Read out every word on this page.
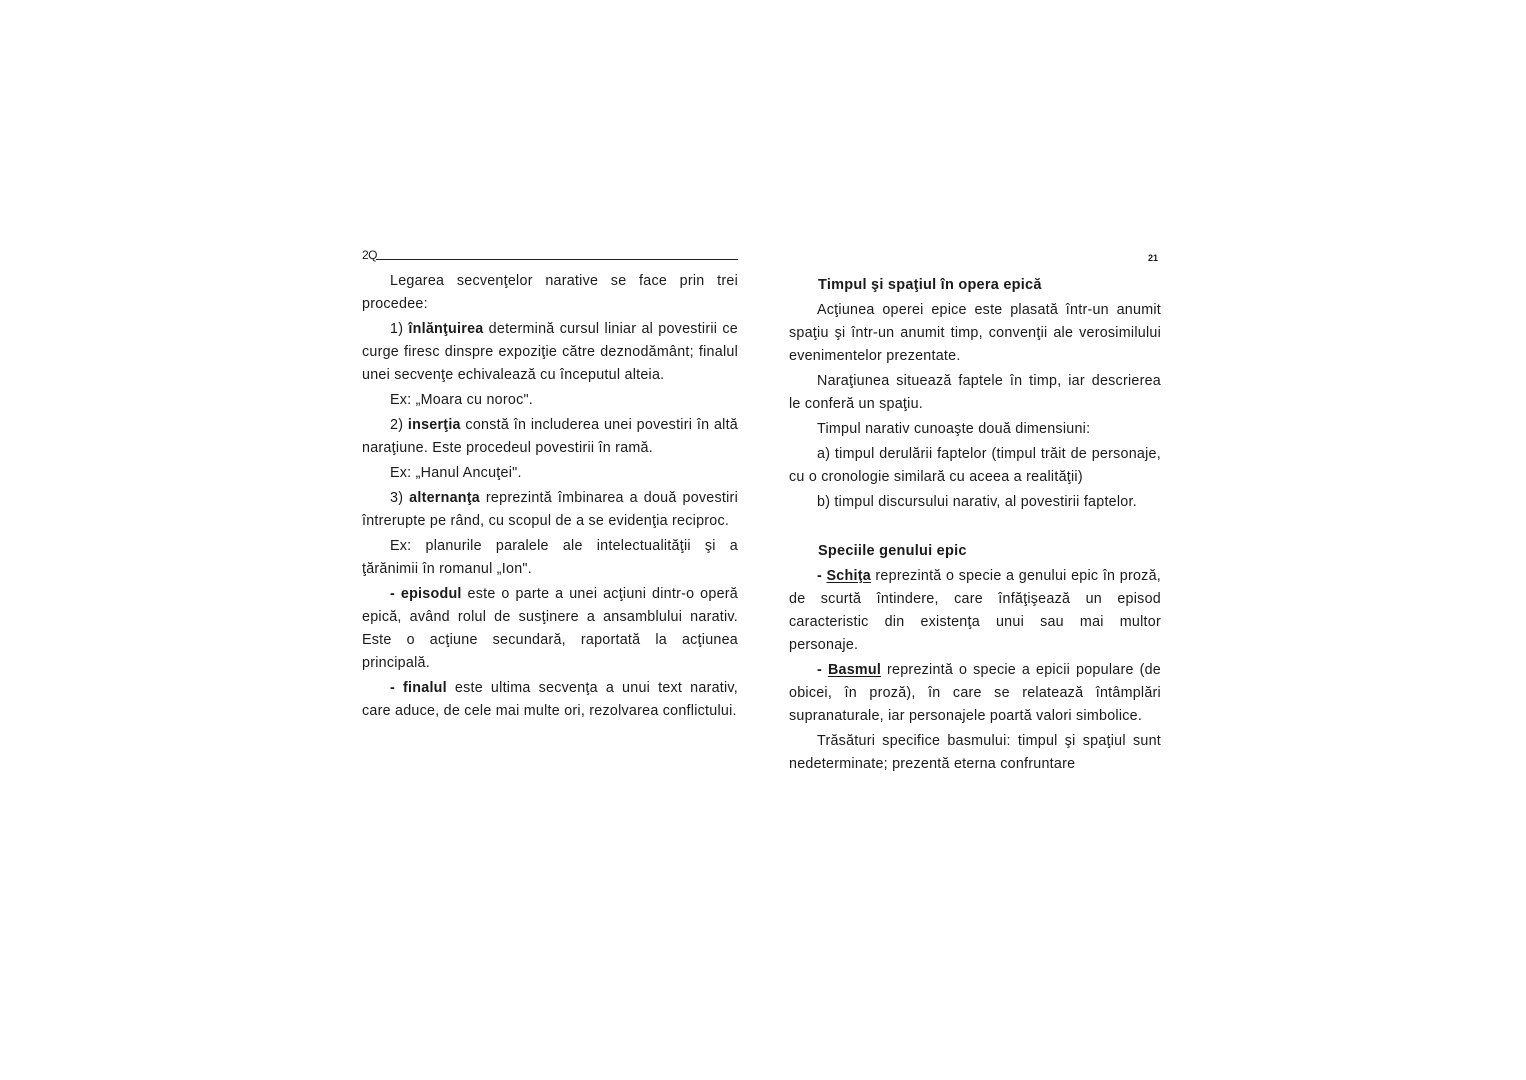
2Q

Legarea secvenţelor narative se face prin trei procedee:

1) înlănţuirea determină cursul liniar al povestirii ce curge firesc dinspre expoziţie către deznodământ; finalul unei secvenţe echivalează cu începutul alteia.

Ex: „Moara cu noroc".

2) inserţia constă în includerea unei povestiri în altă naraţiune. Este procedeul povestirii în ramă.

Ex: „Hanul Ancuţei".

3) alternanţa reprezintă îmbinarea a două povestiri întrerupte pe rând, cu scopul de a se evidenţia reciproc.

Ex: planurile paralele ale intelectualităţii şi a ţărănimii în romanul „Ion".

- episodul este o parte a unei acţiuni dintr-o operă epică, având rolul de susţinere a ansamblului narativ. Este o acţiune secundară, raportată la acţiunea principală.

- finalul este ultima secvenţa a unui text narativ, care aduce, de cele mai multe ori, rezolvarea conflictului.

21

Timpul şi spaţiul în opera epică

Acţiunea operei epice este plasată într-un anumit spaţiu şi într-un anumit timp, convenţii ale verosimilului evenimentelor prezentate.

Naraţiunea situează faptele în timp, iar descrierea le conferă un spaţiu.

Timpul narativ cunoaşte două dimensiuni:

a) timpul derulării faptelor (timpul trăit de personaje, cu o cronologie similară cu aceea a realităţii)

b) timpul discursului narativ, al povestirii faptelor.

Speciile genului epic

- Schiţa reprezintă o specie a genului epic în proză, de scurtă întindere, care înfăţişează un episod caracteristic din existenţa unui sau mai multor personaje.

- Basmul reprezintă o specie a epicii populare (de obicei, în proză), în care se relatează întâmplări supranaturale, iar personajele poartă valori simbolice.

Trăsături specifice basmului: timpul şi spaţiul sunt nedeterminate; prezentă eterna confruntare
